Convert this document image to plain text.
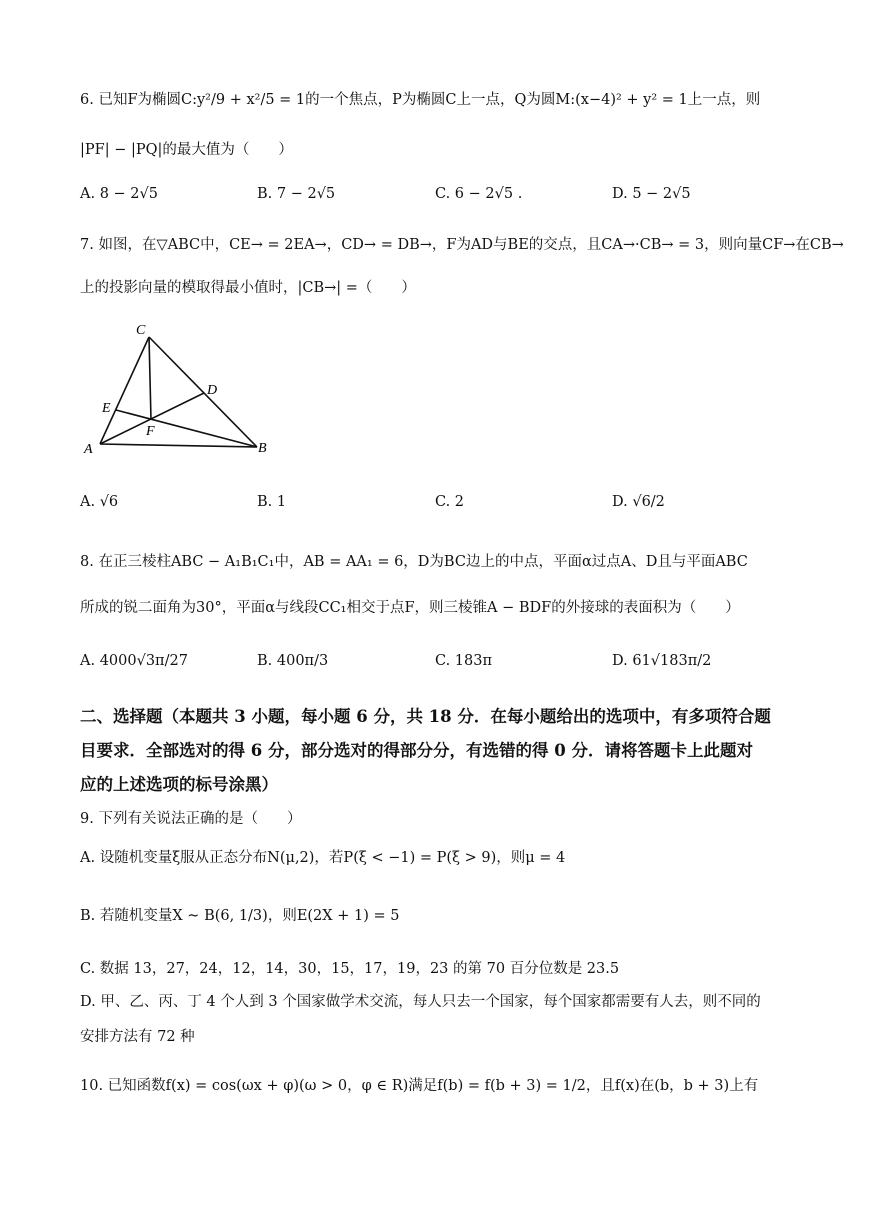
6. 已知F为椭圆C:y²/9 + x²/5 = 1的一个焦点，P为椭圆C上一点，Q为圆M:(x−4)² + y² = 1上一点，则
|PF| − |PQ|的最大值为（　　）
A. 8 − 2√5	B. 7 − 2√5	C. 6 − 2√5 .	D. 5 − 2√5
7. 如图，在▽ABC中，CE→ = 2EA→，CD→ = DB→，F为AD与BE的交点，且CA→·CB→ = 3，则向量CF→在CB→
上的投影向量的模取得最小值时，|CB→| =（　　）
C
D
E
F
A	B
A. √6	B. 1	C. 2	D. √6/2
8. 在正三棱柱ABC − A₁B₁C₁中，AB = AA₁ = 6，D为BC边上的中点，平面α过点A、D且与平面ABC
所成的锐二面角为30°，平面α与线段CC₁相交于点F，则三棱锥A − BDF的外接球的表面积为（　　）
A. 4000√3π/27	B. 400π/3	C. 183π	D. 61√183π/2
二、选择题（本题共 3 小题，每小题 6 分，共 18 分．在每小题给出的选项中，有多项符合题
目要求．全部选对的得 6 分，部分选对的得部分分，有选错的得 0 分．请将答题卡上此题对
应的上述选项的标号涂黑）
9. 下列有关说法正确的是（　　）
A. 设随机变量ξ服从正态分布N(μ,2)，若P(ξ < −1) = P(ξ > 9)，则μ = 4
B. 若随机变量X ~ B(6, 1/3)，则E(2X + 1) = 5
C. 数据 13，27，24，12，14，30，15，17，19，23 的第 70 百分位数是 23.5
D. 甲、乙、丙、丁 4 个人到 3 个国家做学术交流，每人只去一个国家，每个国家都需要有人去，则不同的
安排方法有 72 种
10. 已知函数f(x) = cos(ωx + φ)(ω > 0，φ ∈ R)满足f(b) = f(b + 3) = 1/2，且f(x)在(b，b + 3)上有
